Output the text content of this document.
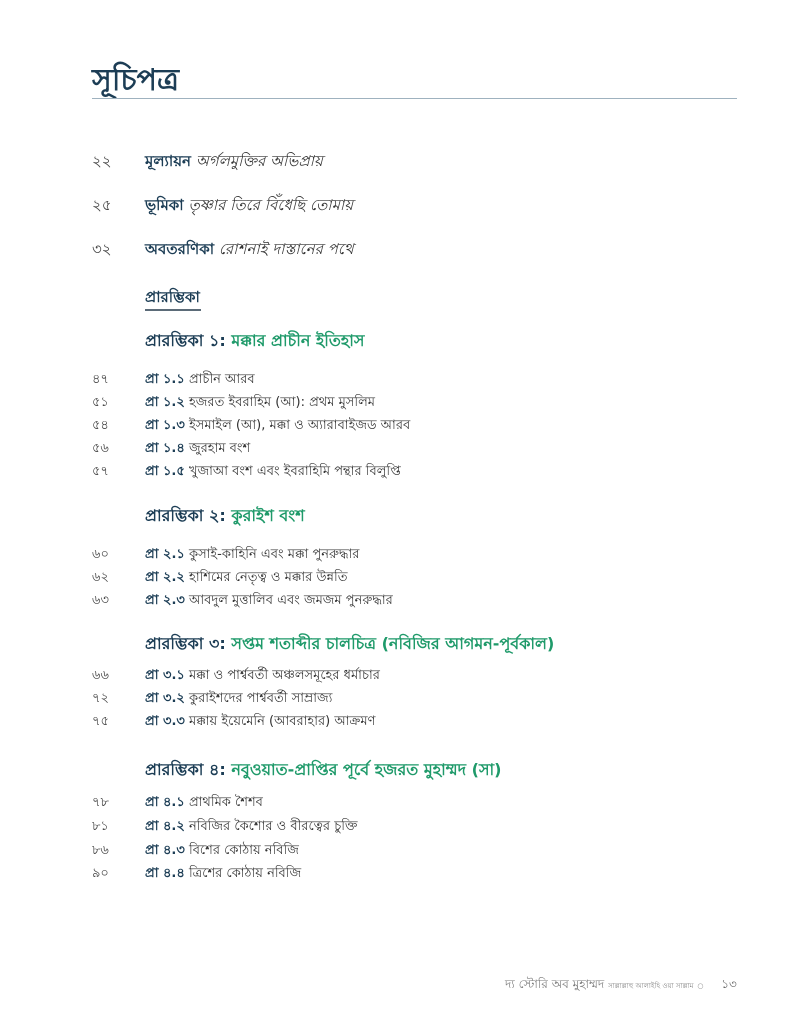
সূচিপত্র
২২ মূল্যায়ন অর্গলমুক্তির অভিপ্রায়
২৫ ভূমিকা তৃষ্ণার তিরে বিঁধেছি তোমায়
৩২ অবতরণিকা রোশনাই দাস্তানের পথে
প্রারম্ভিকা
প্রারম্ভিকা ১: মক্কার প্রাচীন ইতিহাস
৪৭	প্রা ১.১ প্রাচীন আরব
৫১	প্রা ১.২ হজরত ইবরাহিম (আ): প্রথম মুসলিম
৫৪	প্রা ১.৩ ইসমাইল (আ), মক্কা ও অ্যারাবাইজড আরব
৫৬	প্রা ১.৪ জুরহাম বংশ
৫৭	প্রা ১.৫ খুজাআ বংশ এবং ইবরাহিমি পন্থার বিলুপ্তি
প্রারম্ভিকা ২: কুরাইশ বংশ
৬০	প্রা ২.১ কুসাই-কাহিনি এবং মক্কা পুনরুদ্ধার
৬২	প্রা ২.২ হাশিমের নেতৃত্ব ও মক্কার উন্নতি
৬৩	প্রা ২.৩ আবদুল মুত্তালিব এবং জমজম পুনরুদ্ধার
প্রারম্ভিকা ৩: সপ্তম শতাব্দীর চালচিত্র (নবিজির আগমন-পূর্বকাল)
৬৬	প্রা ৩.১ মক্কা ও পার্শ্ববর্তী অঞ্চলসমূহের ধর্মাচার
৭২	প্রা ৩.২ কুরাইশদের পার্শ্ববর্তী সাম্রাজ্য
৭৫	প্রা ৩.৩ মক্কায় ইয়েমেনি (আবরাহার) আক্রমণ
প্রারম্ভিকা ৪: নবুওয়াত-প্রাপ্তির পূর্বে হজরত মুহাম্মদ (সা)
৭৮	প্রা ৪.১ প্রাথমিক শৈশব
৮১	প্রা ৪.২ নবিজির কৈশোর ও বীরত্বের চুক্তি
৮৬	প্রা ৪.৩ বিশের কোঠায় নবিজি
৯০	প্রা ৪.৪ ত্রিশের কোঠায় নবিজি
দ্য স্টোরি অব মুহাম্মদ সাল্লাল্লাহু আলাইহি ওয়া সাল্লাম ○ ১৩
